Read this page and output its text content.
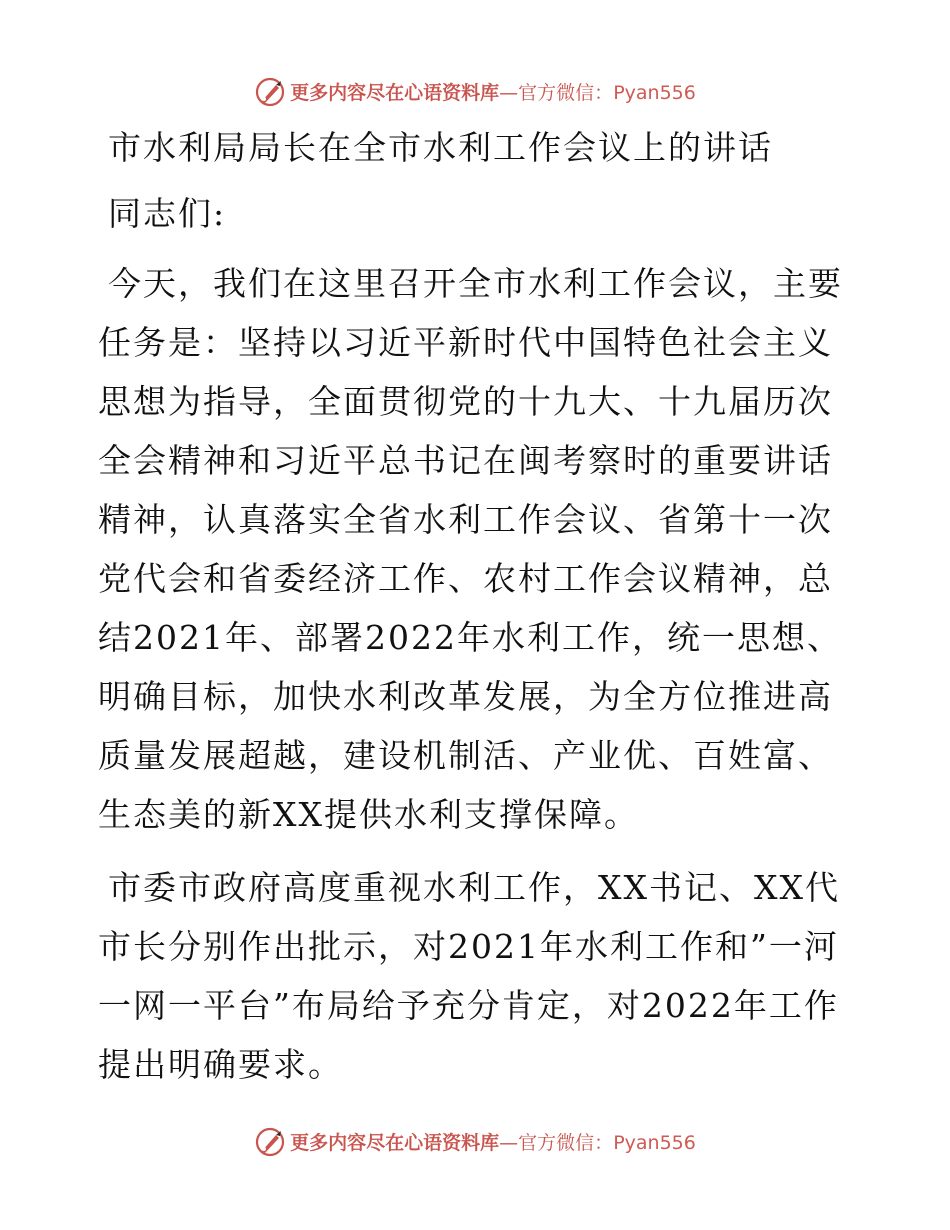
更多内容尽在心语资料库—官方微信：Pyan556
市水利局局长在全市水利工作会议上的讲话

同志们:

今天，我们在这里召开全市水利工作会议，主要任务是：坚持以习近平新时代中国特色社会主义思想为指导，全面贯彻党的十九大、十九届历次全会精神和习近平总书记在闽考察时的重要讲话精神，认真落实全省水利工作会议、省第十一次党代会和省委经济工作、农村工作会议精神，总结2021年、部署2022年水利工作，统一思想、明确目标，加快水利改革发展，为全方位推进高质量发展超越，建设机制活、产业优、百姓富、生态美的新XX提供水利支撑保障。

市委市政府高度重视水利工作，XX书记、XX代市长分别作出批示，对2021年水利工作和”一河一网一平台”布局给予充分肯定，对2022年工作提出明确要求。

更多内容尽在心语资料库—官方微信：Pyan556
